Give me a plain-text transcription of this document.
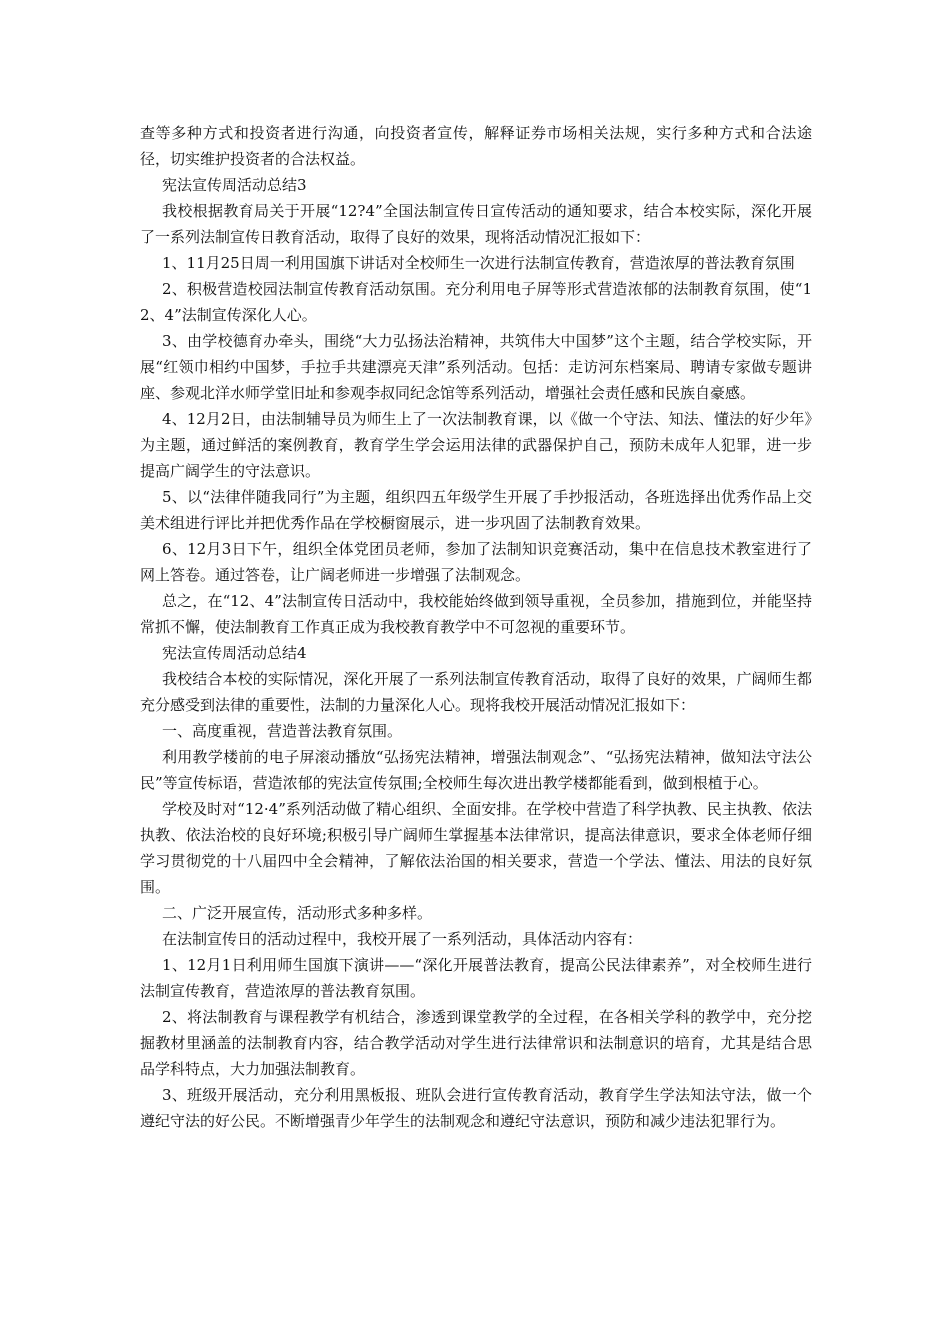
查等多种方式和投资者进行沟通，向投资者宣传，解释证券市场相关法规，实行多种方式和合法途径，切实维护投资者的合法权益。

宪法宣传周活动总结3

我校根据教育局关于开展“12?4”全国法制宣传日宣传活动的通知要求，结合本校实际，深化开展了一系列法制宣传日教育活动，取得了良好的效果，现将活动情况汇报如下：

1、11月25日周一利用国旗下讲话对全校师生一次进行法制宣传教育，营造浓厚的普法教育氛围

2、积极营造校园法制宣传教育活动氛围。充分利用电子屏等形式营造浓郁的法制教育氛围，使“12、4”法制宣传深化人心。

3、由学校德育办牵头，围绕“大力弘扬法治精神，共筑伟大中国梦”这个主题，结合学校实际，开展“红领巾相约中国梦，手拉手共建漂亮天津”系列活动。包括：走访河东档案局、聘请专家做专题讲座、参观北洋水师学堂旧址和参观李叔同纪念馆等系列活动，增强社会责任感和民族自豪感。

4、12月2日，由法制辅导员为师生上了一次法制教育课，以《做一个守法、知法、懂法的好少年》为主题，通过鲜活的案例教育，教育学生学会运用法律的武器保护自己，预防未成年人犯罪，进一步提高广阔学生的守法意识。

5、以“法律伴随我同行”为主题，组织四五年级学生开展了手抄报活动，各班选择出优秀作品上交美术组进行评比并把优秀作品在学校橱窗展示，进一步巩固了法制教育效果。

6、12月3日下午，组织全体党团员老师，参加了法制知识竞赛活动，集中在信息技术教室进行了网上答卷。通过答卷，让广阔老师进一步增强了法制观念。

总之，在“12、4”法制宣传日活动中，我校能始终做到领导重视，全员参加，措施到位，并能坚持常抓不懈，使法制教育工作真正成为我校教育教学中不可忽视的重要环节。

宪法宣传周活动总结4

我校结合本校的实际情况，深化开展了一系列法制宣传教育活动，取得了良好的效果，广阔师生都充分感受到法律的重要性，法制的力量深化人心。现将我校开展活动情况汇报如下：

一、高度重视，营造普法教育氛围。

利用教学楼前的电子屏滚动播放“弘扬宪法精神，增强法制观念”、“弘扬宪法精神，做知法守法公民”等宣传标语，营造浓郁的宪法宣传氛围;全校师生每次进出教学楼都能看到，做到根植于心。

学校及时对“12·4”系列活动做了精心组织、全面安排。在学校中营造了科学执教、民主执教、依法执教、依法治校的良好环境;积极引导广阔师生掌握基本法律常识，提高法律意识，要求全体老师仔细学习贯彻党的十八届四中全会精神，了解依法治国的相关要求，营造一个学法、懂法、用法的良好氛围。

二、广泛开展宣传，活动形式多种多样。

在法制宣传日的活动过程中，我校开展了一系列活动，具体活动内容有：

1、12月1日利用师生国旗下演讲——“深化开展普法教育，提高公民法律素养”，对全校师生进行法制宣传教育，营造浓厚的普法教育氛围。

2、将法制教育与课程教学有机结合，渗透到课堂教学的全过程，在各相关学科的教学中，充分挖掘教材里涵盖的法制教育内容，结合教学活动对学生进行法律常识和法制意识的培育，尤其是结合思品学科特点，大力加强法制教育。

3、班级开展活动，充分利用黑板报、班队会进行宣传教育活动，教育学生学法知法守法，做一个遵纪守法的好公民。不断增强青少年学生的法制观念和遵纪守法意识，预防和减少违法犯罪行为。
